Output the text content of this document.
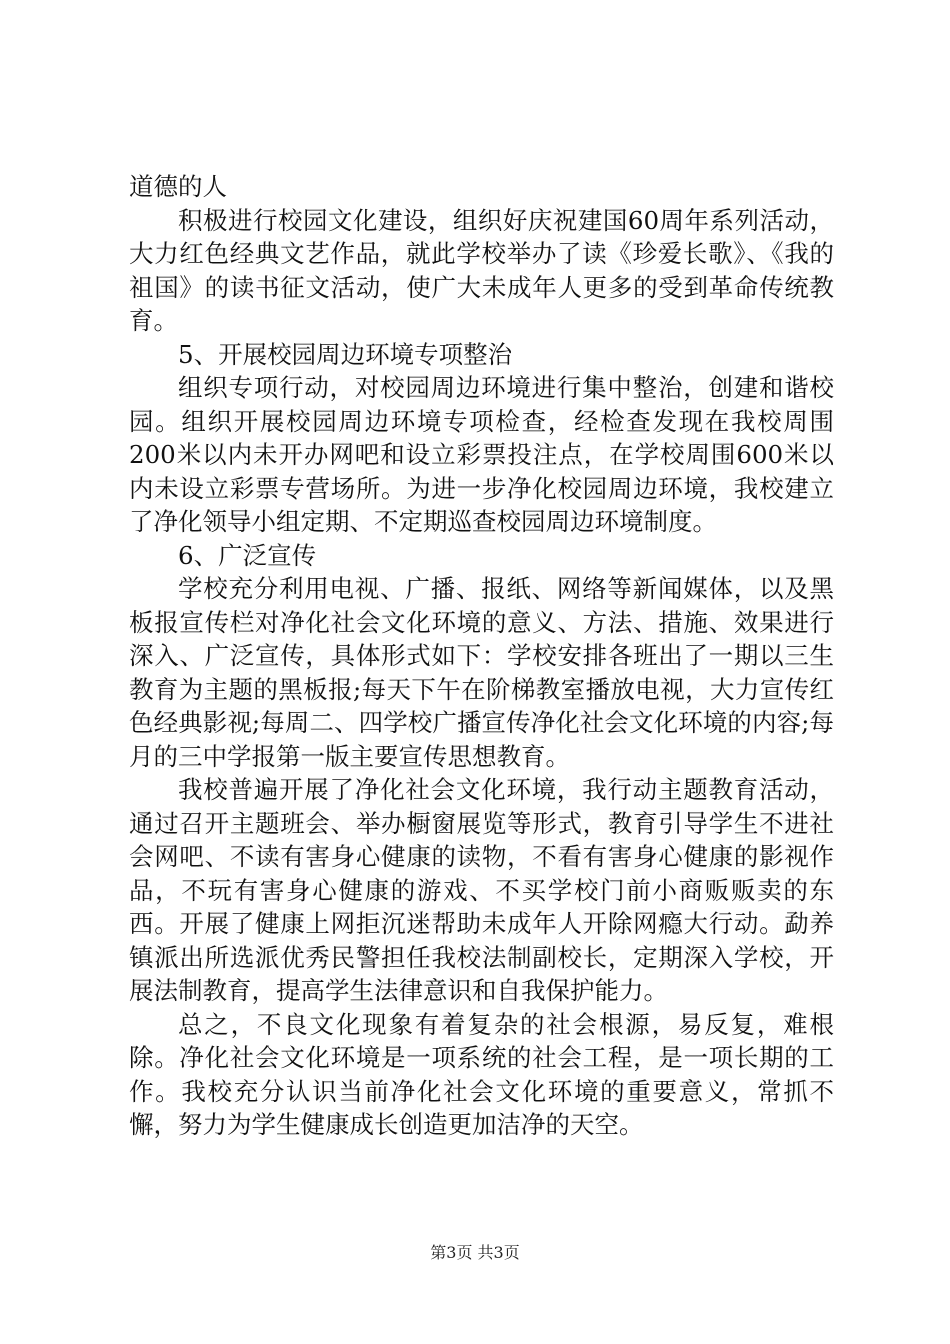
道德的人

积极进行校园文化建设，组织好庆祝建国60周年系列活动，大力红色经典文艺作品，就此学校举办了读《珍爱长歌》、《我的祖国》的读书征文活动，使广大未成年人更多的受到革命传统教育。

5、开展校园周边环境专项整治

组织专项行动，对校园周边环境进行集中整治，创建和谐校园。组织开展校园周边环境专项检查，经检查发现在我校周围200米以内未开办网吧和设立彩票投注点，在学校周围600米以内未设立彩票专营场所。为进一步净化校园周边环境，我校建立了净化领导小组定期、不定期巡查校园周边环境制度。

6、广泛宣传

学校充分利用电视、广播、报纸、网络等新闻媒体，以及黑板报宣传栏对净化社会文化环境的意义、方法、措施、效果进行深入、广泛宣传，具体形式如下：学校安排各班出了一期以三生教育为主题的黑板报;每天下午在阶梯教室播放电视，大力宣传红色经典影视;每周二、四学校广播宣传净化社会文化环境的内容;每月的三中学报第一版主要宣传思想教育。

我校普遍开展了净化社会文化环境，我行动主题教育活动，通过召开主题班会、举办橱窗展览等形式，教育引导学生不进社会网吧、不读有害身心健康的读物，不看有害身心健康的影视作品，不玩有害身心健康的游戏、不买学校门前小商贩贩卖的东西。开展了健康上网拒沉迷帮助未成年人开除网瘾大行动。勐养镇派出所选派优秀民警担任我校法制副校长，定期深入学校，开展法制教育，提高学生法律意识和自我保护能力。

总之，不良文化现象有着复杂的社会根源，易反复，难根除。净化社会文化环境是一项系统的社会工程，是一项长期的工作。我校充分认识当前净化社会文化环境的重要意义，常抓不懈，努力为学生健康成长创造更加洁净的天空。

第3页 共3页
